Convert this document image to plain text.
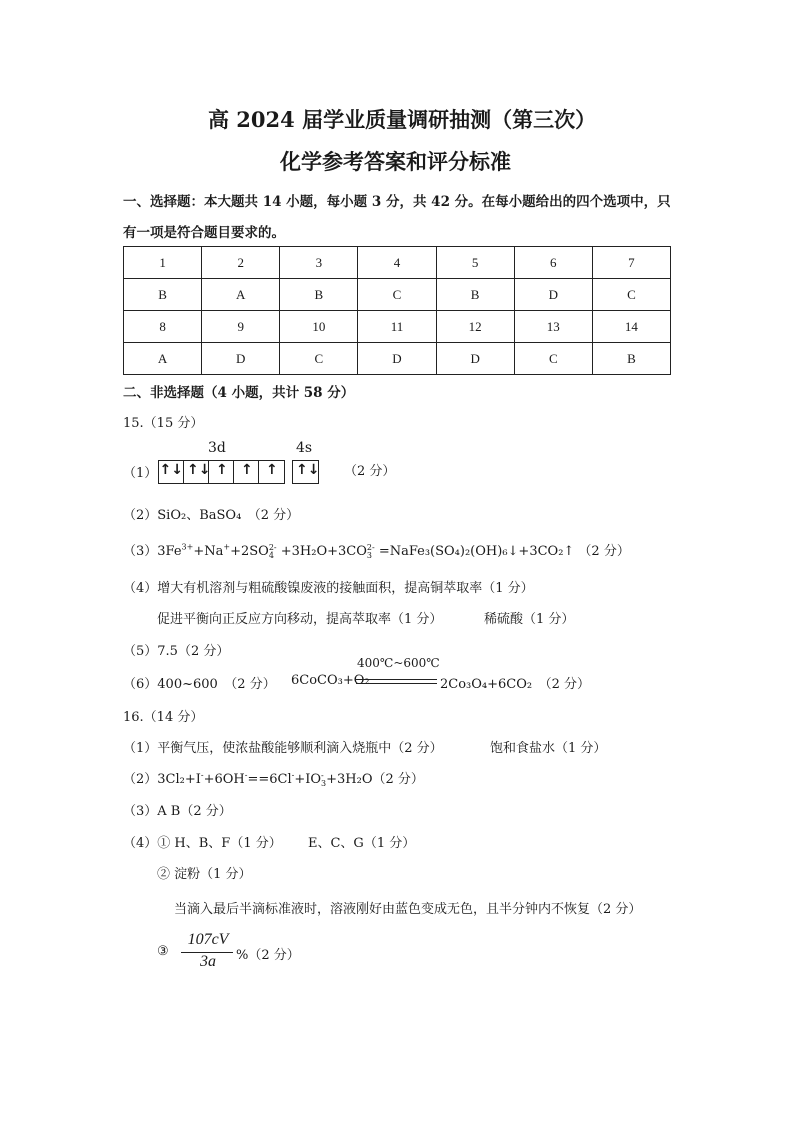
高 2024 届学业质量调研抽测（第三次）
化学参考答案和评分标准
一、选择题：本大题共 14 小题，每小题 3 分，共 42 分。在每小题给出的四个选项中，只
有一项是符合题目要求的。
1	2	3	4	5	6	7
B	A	B	C	B	D	C
8	9	10	11	12	13	14
A	D	C	D	D	C	B
二、非选择题（4 小题，共计 58 分）
15.（15 分）
3d	4s
（1） ↑↓ ↑↓ ↑ ↑ ↑ ↑↓ （2 分）
（2）SiO₂、BaSO₄　（2 分）
$(3)3Fe^{3+}+Na^++2SO2-$
4 +3H₂O+3CO2-
3 =NaFe₃(SO₄)₂(OH)₆↓+3CO₂↑ （2 分）
（4）增大有机溶剂与粗硫酸镍废液的接触面积，提高铜萃取率（1 分）
促进平衡向正反应方向移动，提高萃取率（1 分）	稀硫酸（1 分）
（5）7.5（2 分）
（6）400~600　（2 分） 6CoCO₃+O₂
400℃~600℃
2Co₃O₄+6CO₂　（2 分）
16.（14 分）
（1）平衡气压，使浓盐酸能够顺利滴入烧瓶中（2 分）	饱和食盐水（1 分）
（2）3Cl₂+I-+6OH-==6Cl-+IO-
3+3H₂O（2 分）
（3）A B（2 分）
（4）① H、B、F（1 分） E、C、G（1 分）
② 淀粉（1 分）
当滴入最后半滴标准液时，溶液刚好由蓝色变成无色，且半分钟内不恢复（2 分）
③
107cV
3a	%（2 分）
